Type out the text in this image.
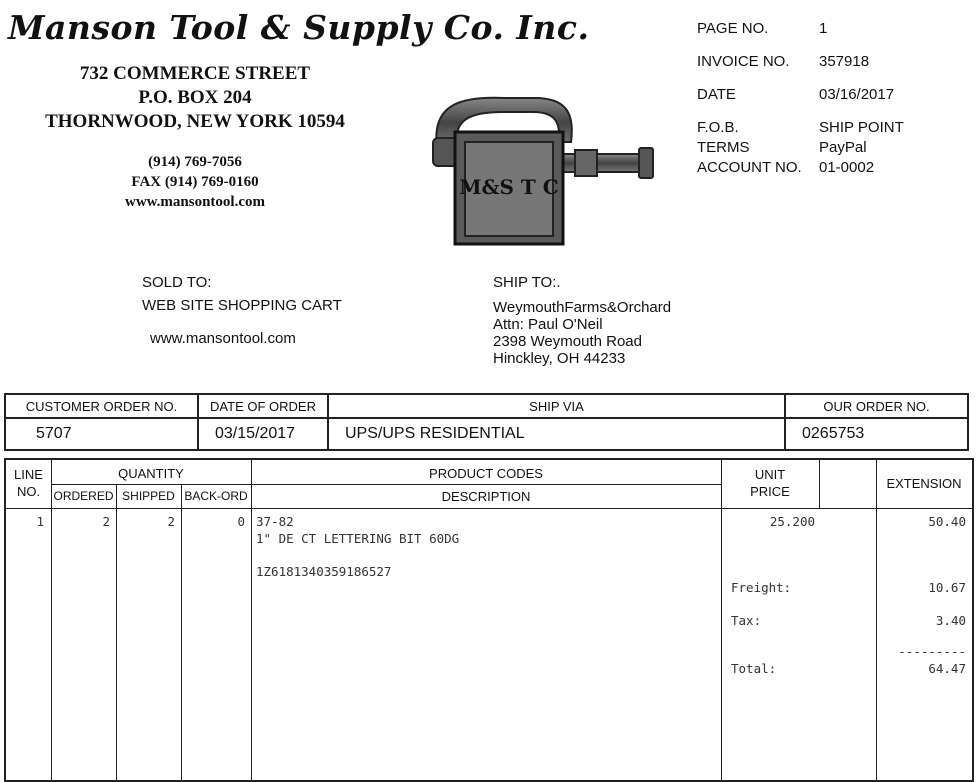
Manson Tool & Supply Co. Inc.
732 COMMERCE STREET
P.O. BOX 204
THORNWOOD, NEW YORK 10594
(914) 769-7056
FAX (914) 769-0160
www.mansontool.com
M&S T C
PAGE NO.	1
INVOICE NO.	357918
DATE	03/16/2017
F.O.B.	SHIP POINT
TERMS	PayPal
ACCOUNT NO.	01-0002
SOLD TO:
WEB SITE SHOPPING CART
www.mansontool.com
SHIP TO:.
WeymouthFarms&Orchard
Attn: Paul O'Neil
2398 Weymouth Road
Hinckley, OH 44233
CUSTOMER ORDER NO.	DATE OF ORDER	SHIP VIA	OUR ORDER NO.
5707	03/15/2017	UPS/UPS RESIDENTIAL	0265753
LINE
NO.
QUANTITY
ORDERED SHIPPED BACK-ORD
PRODUCT CODES
DESCRIPTION
UNIT
PRICE
EXTENSION
1	2	2	0 37-82
1" DE CT LETTERING BIT 60DG
1Z6181340359186527
25.200	50.40
Freight:	10.67
Tax:	3.40
---------
Total:	64.47
